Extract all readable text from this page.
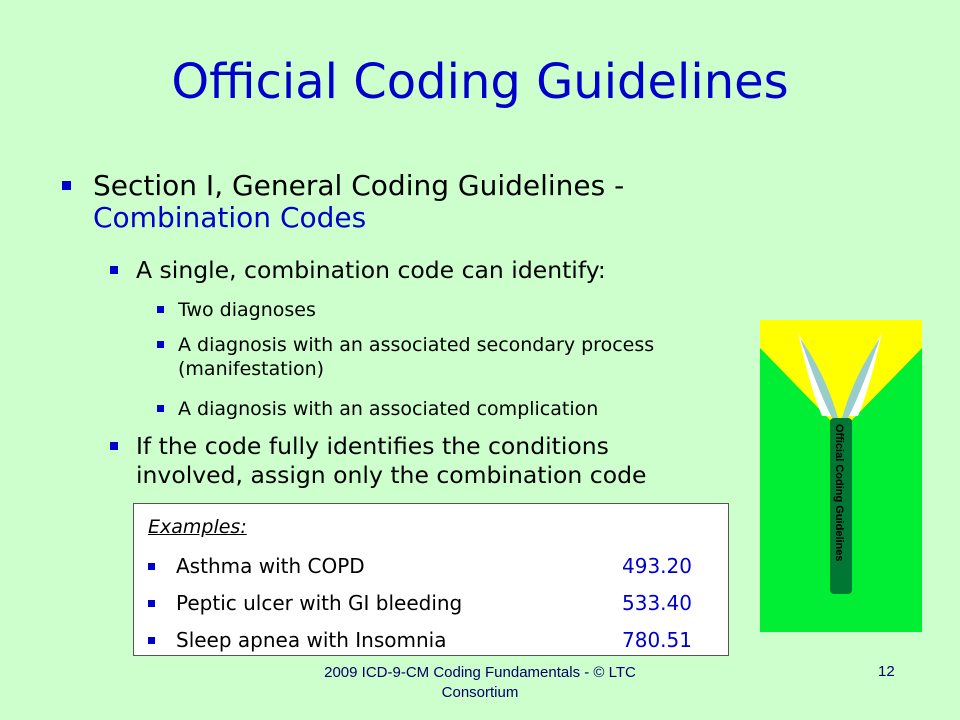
Official Coding Guidelines
Section I, General Coding Guidelines - Combination Codes
A single, combination code can identify:
Two diagnoses
A diagnosis with an associated secondary process
(manifestation)
A diagnosis with an associated complication
If the code fully identifies the conditions
involved, assign only the combination code
Examples:
Asthma with COPD	493.20
Peptic ulcer with GI bleeding	533.40
Sleep apnea with Insomnia	780.51
Official Coding Guidelines
2009 ICD-9-CM Coding Fundamentals - © LTC
Consortium
12
